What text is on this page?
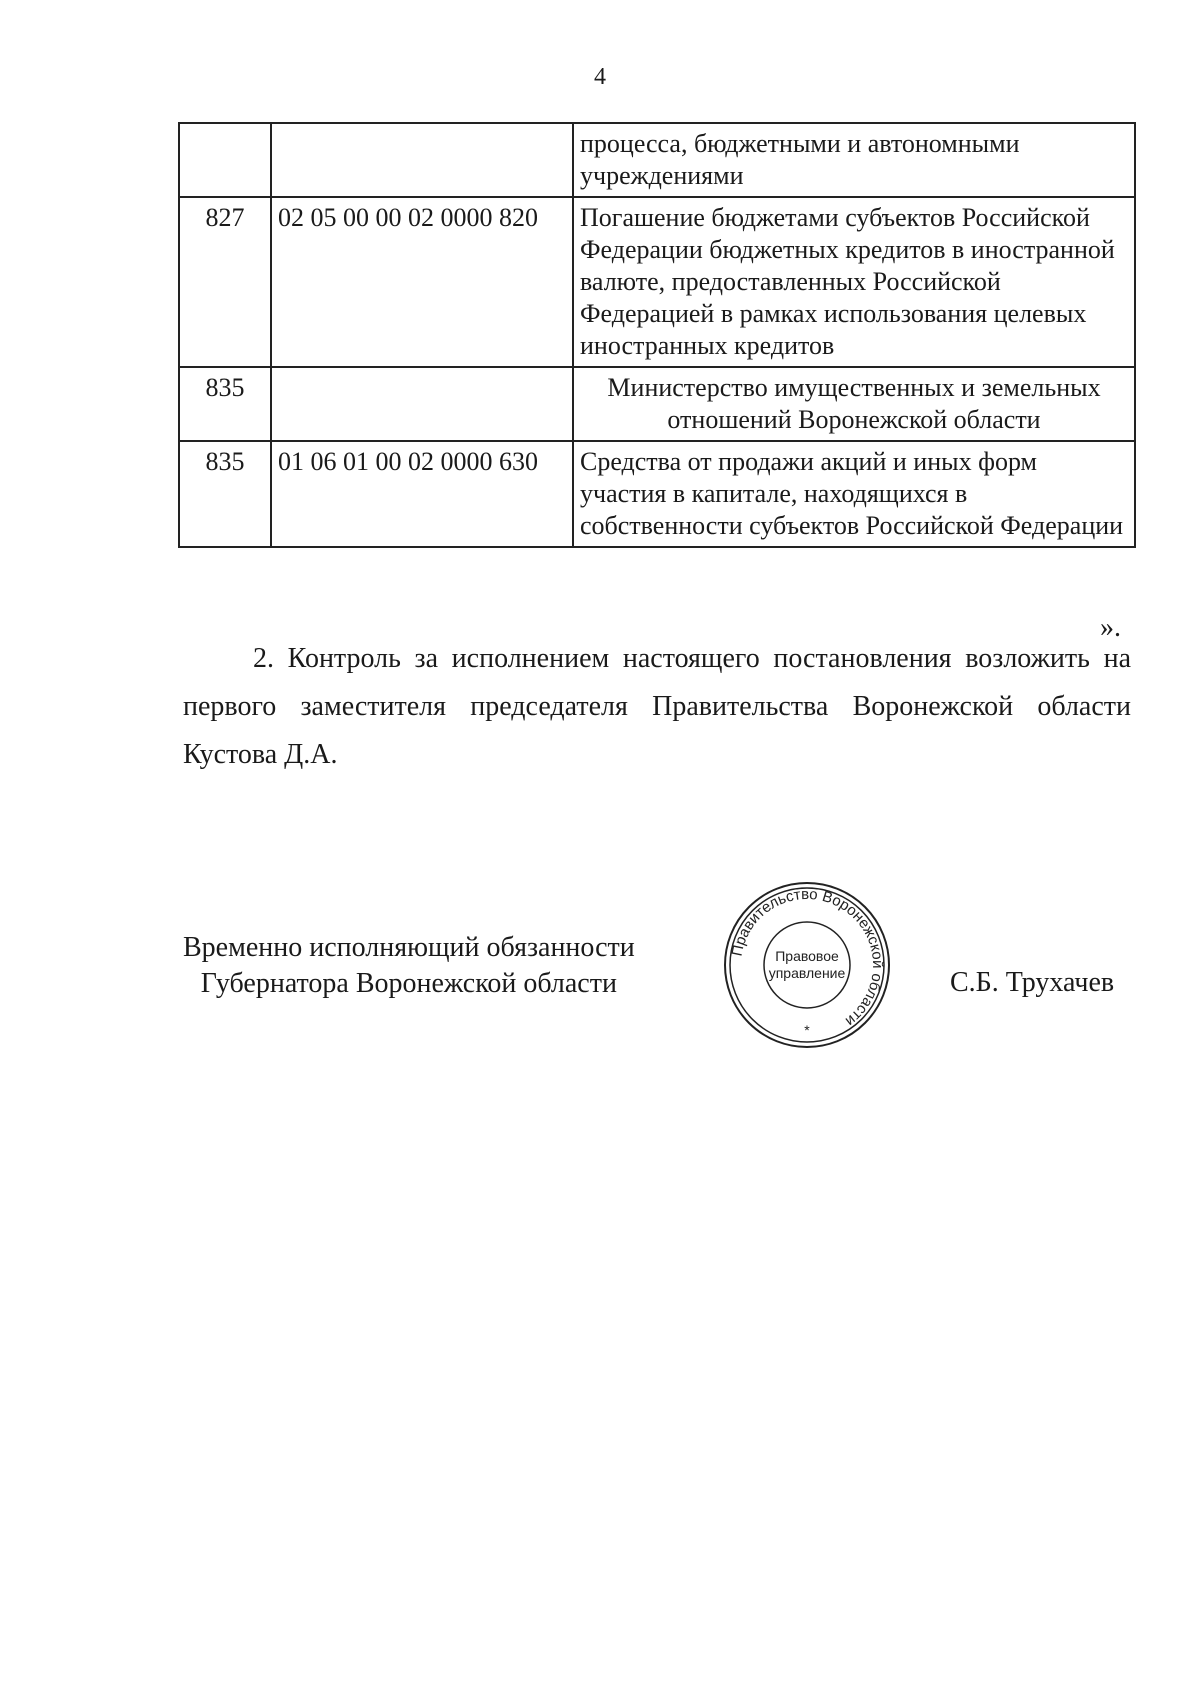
4
		процесса, бюджетными и автономными учреждениями
827	02 05 00 00 02 0000 820	Погашение бюджетами субъектов Российской Федерации бюджетных кредитов в иностранной валюте, предоставленных Российской Федерацией в рамках использования целевых иностранных кредитов
835		Министерство имущественных и земельных отношений Воронежской области
835	01 06 01 00 02 0000 630	Средства от продажи акций и иных форм участия в капитале, находящихся в собственности субъектов Российской Федерации
».
2. Контроль за исполнением настоящего постановления возложить на первого заместителя председателя Правительства Воронежской области Кустова Д.А.
Временно исполняющий обязанности
Губернатора Воронежской области
Правительство Воронежской области
Правовое
управление
*
С.Б. Трухачев
